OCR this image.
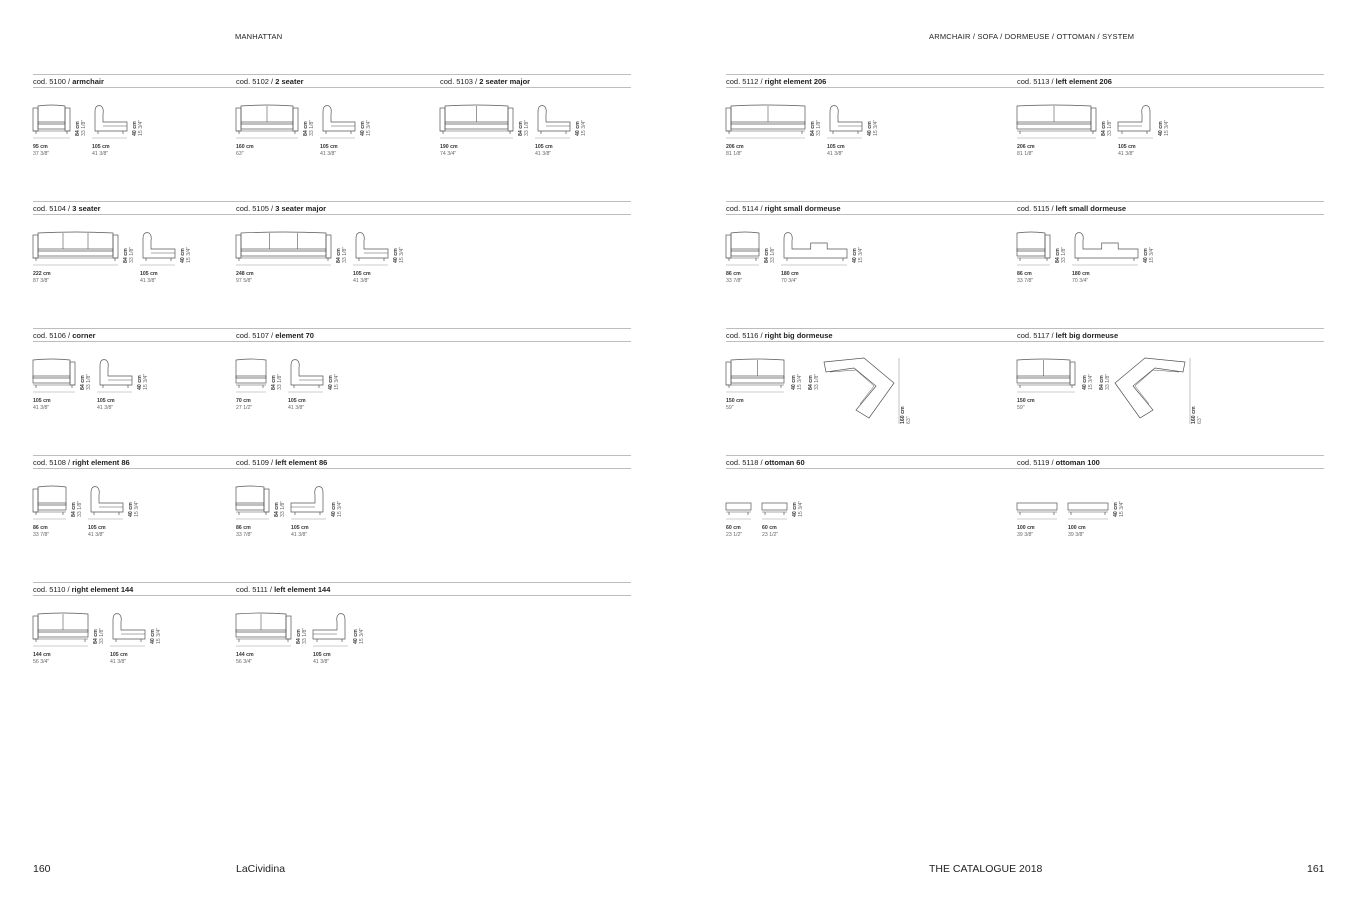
MANHATTAN	ARMCHAIR / SOFA / DORMEUSE / OTTOMAN / SYSTEM
160	LaCividina	THE CATALOGUE 2018	161
cod. 5100 / armchair
95 cm
37 3/8"
84 cm 33 1/8"
105 cm
41 3/8"
40 cm 15 3/4"
cod. 5102 / 2 seater
160 cm
63"
84 cm 33 1/8"
105 cm
41 3/8"
40 cm 15 3/4"
cod. 5103 / 2 seater major
190 cm
74 3/4"
84 cm 33 1/8"
105 cm
41 3/8"
40 cm 15 3/4"
cod. 5104 / 3 seater
222 cm
87 3/8"
84 cm 33 1/8"
105 cm
41 3/8"
40 cm 15 3/4"
cod. 5105 / 3 seater major
248 cm
97 5/8"
84 cm 33 1/8"
105 cm
41 3/8"
40 cm 15 3/4"
cod. 5106 / corner
105 cm
41 3/8"
84 cm 33 1/8"
105 cm
41 3/8"
40 cm 15 3/4"
cod. 5107 / element 70
70 cm
27 1/2"
84 cm 33 1/8"
105 cm
41 3/8"
40 cm 15 3/4"
cod. 5108 / right element 86
86 cm
33 7/8"
84 cm 33 1/8"
105 cm
41 3/8"
40 cm 15 3/4"
cod. 5109 / left element 86
86 cm
33 7/8"
84 cm 33 1/8"
105 cm
41 3/8"
40 cm 15 3/4"
cod. 5110 / right element 144
144 cm
56 3/4"
84 cm 33 1/8"
105 cm
41 3/8"
40 cm 15 3/4"
cod. 5111 / left element 144
144 cm
56 3/4"
84 cm 33 1/8"
105 cm
41 3/8"
40 cm 15 3/4"
cod. 5112 / right element 206
206 cm
81 1/8"
84 cm 33 1/8"
105 cm
41 3/8"
40 cm 15 3/4"
cod. 5113 / left element 206
206 cm
81 1/8"
84 cm 33 1/8"
105 cm
41 3/8"
40 cm 15 3/4"
cod. 5114 / right small dormeuse
86 cm
33 7/8"
84 cm 33 1/8"
180 cm
70 3/4"
40 cm 15 3/4"
cod. 5115 / left small dormeuse
86 cm
33 7/8"
84 cm 33 1/8"
180 cm
70 3/4"
40 cm 15 3/4"
cod. 5116 / right big dormeuse
150 cm
59"
40 cm 15 3/4" 84 cm 33 1/8"
160 cm 63"
cod. 5117 / left big dormeuse
150 cm
59"
40 cm 15 3/4" 84 cm 33 1/8"
160 cm 63"
cod. 5118 / ottoman 60
60 cm
23 1/2"
60 cm
23 1/2"
40 cm 15 3/4"
cod. 5119 / ottoman 100
100 cm
39 3/8"
100 cm
39 3/8"
40 cm 15 3/4"
